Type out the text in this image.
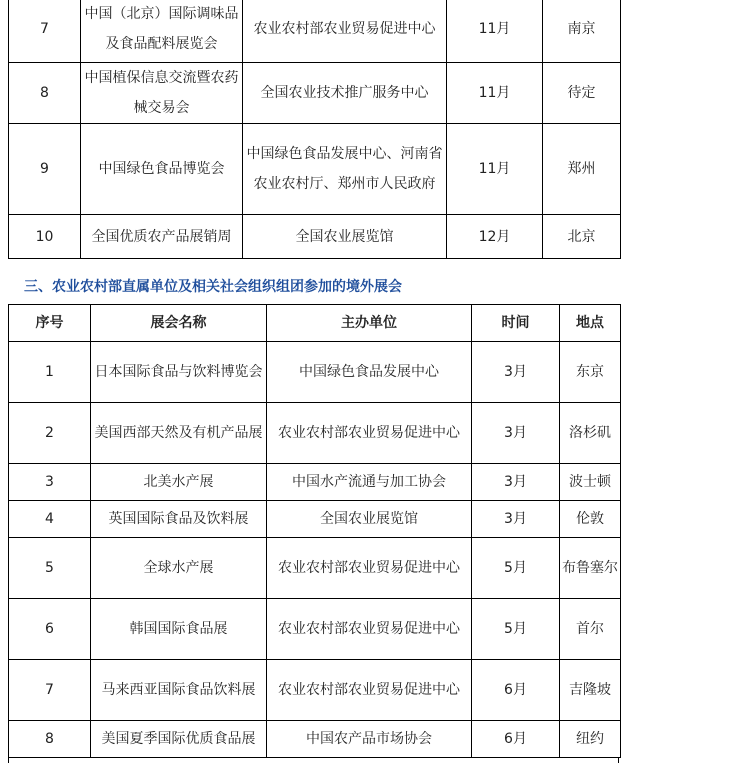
7	中国（北京）国际调味品及食品配料展览会	农业农村部农业贸易促进中心	11月	南京
8	中国植保信息交流暨农药械交易会	全国农业技术推广服务中心	11月	待定
9	中国绿色食品博览会	中国绿色食品发展中心、河南省农业农村厅、郑州市人民政府	11月	郑州
10	全国优质农产品展销周	全国农业展览馆	12月	北京
三、农业农村部直属单位及相关社会组织组团参加的境外展会
序号	展会名称	主办单位	时间	地点
1	日本国际食品与饮料博览会	中国绿色食品发展中心	3月	东京
2	美国西部天然及有机产品展	农业农村部农业贸易促进中心	3月	洛杉矶
3	北美水产展	中国水产流通与加工协会	3月	波士顿
4	英国国际食品及饮料展	全国农业展览馆	3月	伦敦
5	全球水产展	农业农村部农业贸易促进中心	5月	布鲁塞尔
6	韩国国际食品展	农业农村部农业贸易促进中心	5月	首尔
7	马来西亚国际食品饮料展	农业农村部农业贸易促进中心	6月	吉隆坡
8	美国夏季国际优质食品展	中国农产品市场协会	6月	纽约
